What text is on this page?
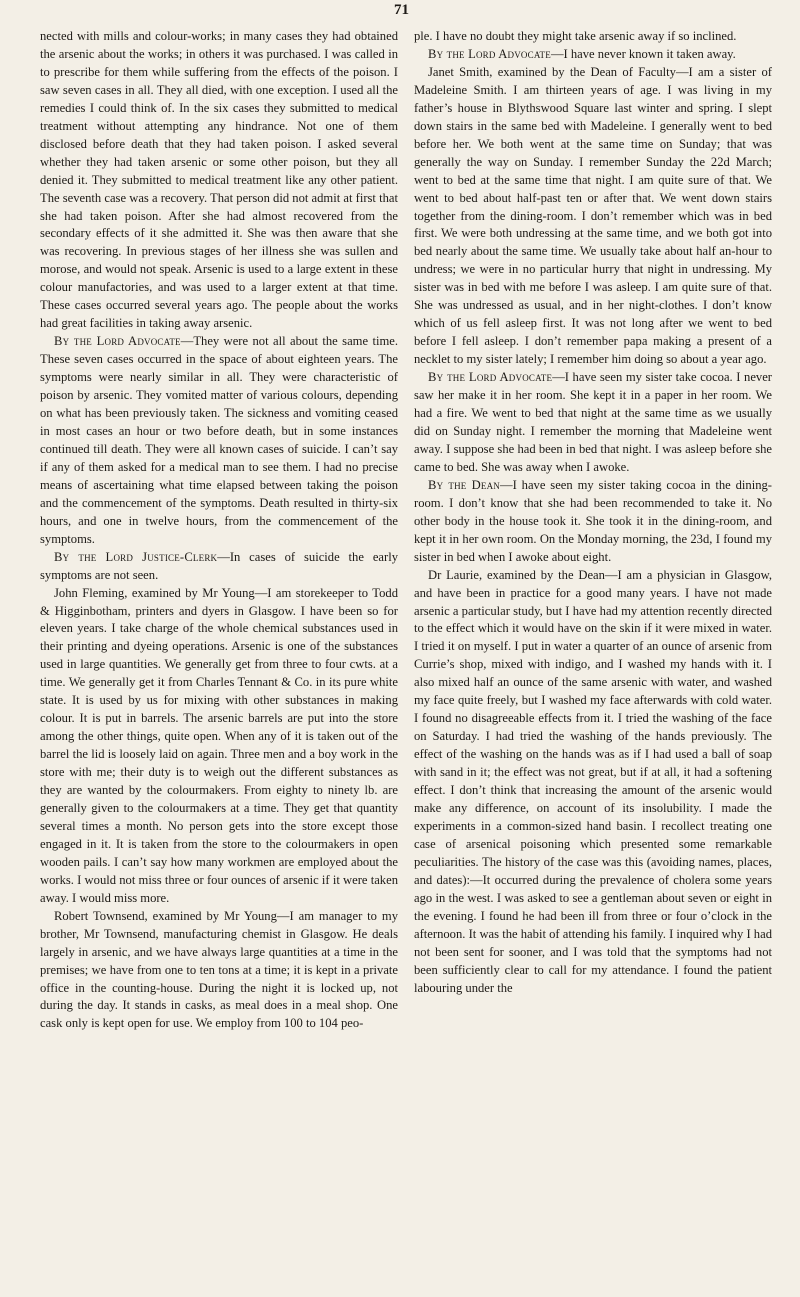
71

nected with mills and colour-works; in many cases they had obtained the arsenic about the works; in others it was purchased. I was called in to prescribe for them while suffering from the effects of the poison. I saw seven cases in all. They all died, with one exception. I used all the remedies I could think of. In the six cases they submitted to medical treatment without attempting any hindrance. Not one of them disclosed before death that they had taken poison. I asked several whether they had taken arsenic or some other poison, but they all denied it. They submitted to medical treatment like any other patient. The seventh case was a recovery. That person did not admit at first that she had taken poison. After she had almost recovered from the secondary effects of it she admitted it. She was then aware that she was recovering. In previous stages of her illness she was sullen and morose, and would not speak. Arsenic is used to a large extent in these colour manufactories, and was used to a larger extent at that time. These cases occurred several years ago. The people about the works had great facilities in taking away arsenic.

By the Lord Advocate—They were not all about the same time. These seven cases occurred in the space of about eighteen years. The symptoms were nearly similar in all. They were characteristic of poison by arsenic. They vomited matter of various colours, depending on what has been previously taken. The sickness and vomiting ceased in most cases an hour or two before death, but in some instances continued till death. They were all known cases of suicide. I can’t say if any of them asked for a medical man to see them. I had no precise means of ascertaining what time elapsed between taking the poison and the commencement of the symptoms. Death resulted in thirty-six hours, and one in twelve hours, from the commencement of the symptoms.

By the Lord Justice-Clerk—In cases of suicide the early symptoms are not seen.

John Fleming, examined by Mr Young—I am storekeeper to Todd & Higginbotham, printers and dyers in Glasgow. I have been so for eleven years. I take charge of the whole chemical substances used in their printing and dyeing operations. Arsenic is one of the substances used in large quantities. We generally get from three to four cwts. at a time. We generally get it from Charles Tennant & Co. in its pure white state. It is used by us for mixing with other substances in making colour. It is put in barrels. The arsenic barrels are put into the store among the other things, quite open. When any of it is taken out of the barrel the lid is loosely laid on again. Three men and a boy work in the store with me; their duty is to weigh out the different substances as they are wanted by the colourmakers. From eighty to ninety lb. are generally given to the colourmakers at a time. They get that quantity several times a month. No person gets into the store except those engaged in it. It is taken from the store to the colourmakers in open wooden pails. I can’t say how many workmen are employed about the works. I would not miss three or four ounces of arsenic if it were taken away. I would miss more.

Robert Townsend, examined by Mr Young—I am manager to my brother, Mr Townsend, manufacturing chemist in Glasgow. He deals largely in arsenic, and we have always large quantities at a time in the premises; we have from one to ten tons at a time; it is kept in a private office in the counting-house. During the night it is locked up, not during the day. It stands in casks, as meal does in a meal shop. One cask only is kept open for use. We employ from 100 to 104 peo-

ple. I have no doubt they might take arsenic away if so inclined.

By the Lord Advocate—I have never known it taken away.

Janet Smith, examined by the Dean of Faculty—I am a sister of Madeleine Smith. I am thirteen years of age. I was living in my father’s house in Blythswood Square last winter and spring. I slept down stairs in the same bed with Madeleine. I generally went to bed before her. We both went at the same time on Sunday; that was generally the way on Sunday. I remember Sunday the 22d March; went to bed at the same time that night. I am quite sure of that. We went to bed about half-past ten or after that. We went down stairs together from the dining-room. I don’t remember which was in bed first. We were both undressing at the same time, and we both got into bed nearly about the same time. We usually take about half an-hour to undress; we were in no particular hurry that night in undressing. My sister was in bed with me before I was asleep. I am quite sure of that. She was undressed as usual, and in her night-clothes. I don’t know which of us fell asleep first. It was not long after we went to bed before I fell asleep. I don’t remember papa making a present of a necklet to my sister lately; I remember him doing so about a year ago.

By the Lord Advocate—I have seen my sister take cocoa. I never saw her make it in her room. She kept it in a paper in her room. We had a fire. We went to bed that night at the same time as we usually did on Sunday night. I remember the morning that Madeleine went away. I suppose she had been in bed that night. I was asleep before she came to bed. She was away when I awoke.

By the Dean—I have seen my sister taking cocoa in the dining-room. I don’t know that she had been recommended to take it. No other body in the house took it. She took it in the dining-room, and kept it in her own room. On the Monday morning, the 23d, I found my sister in bed when I awoke about eight.

Dr Laurie, examined by the Dean—I am a physician in Glasgow, and have been in practice for a good many years. I have not made arsenic a particular study, but I have had my attention recently directed to the effect which it would have on the skin if it were mixed in water. I tried it on myself. I put in water a quarter of an ounce of arsenic from Currie’s shop, mixed with indigo, and I washed my hands with it. I also mixed half an ounce of the same arsenic with water, and washed my face quite freely, but I washed my face afterwards with cold water. I found no disagreeable effects from it. I tried the washing of the face on Saturday. I had tried the washing of the hands previously. The effect of the washing on the hands was as if I had used a ball of soap with sand in it; the effect was not great, but if at all, it had a softening effect. I don’t think that increasing the amount of the arsenic would make any difference, on account of its insolubility. I made the experiments in a common-sized hand basin. I recollect treating one case of arsenical poisoning which presented some remarkable peculiarities. The history of the case was this (avoiding names, places, and dates):—It occurred during the prevalence of cholera some years ago in the west. I was asked to see a gentleman about seven or eight in the evening. I found he had been ill from three or four o’clock in the afternoon. It was the habit of attending his family. I inquired why I had not been sent for sooner, and I was told that the symptoms had not been sufficiently clear to call for my attendance. I found the patient labouring under the
